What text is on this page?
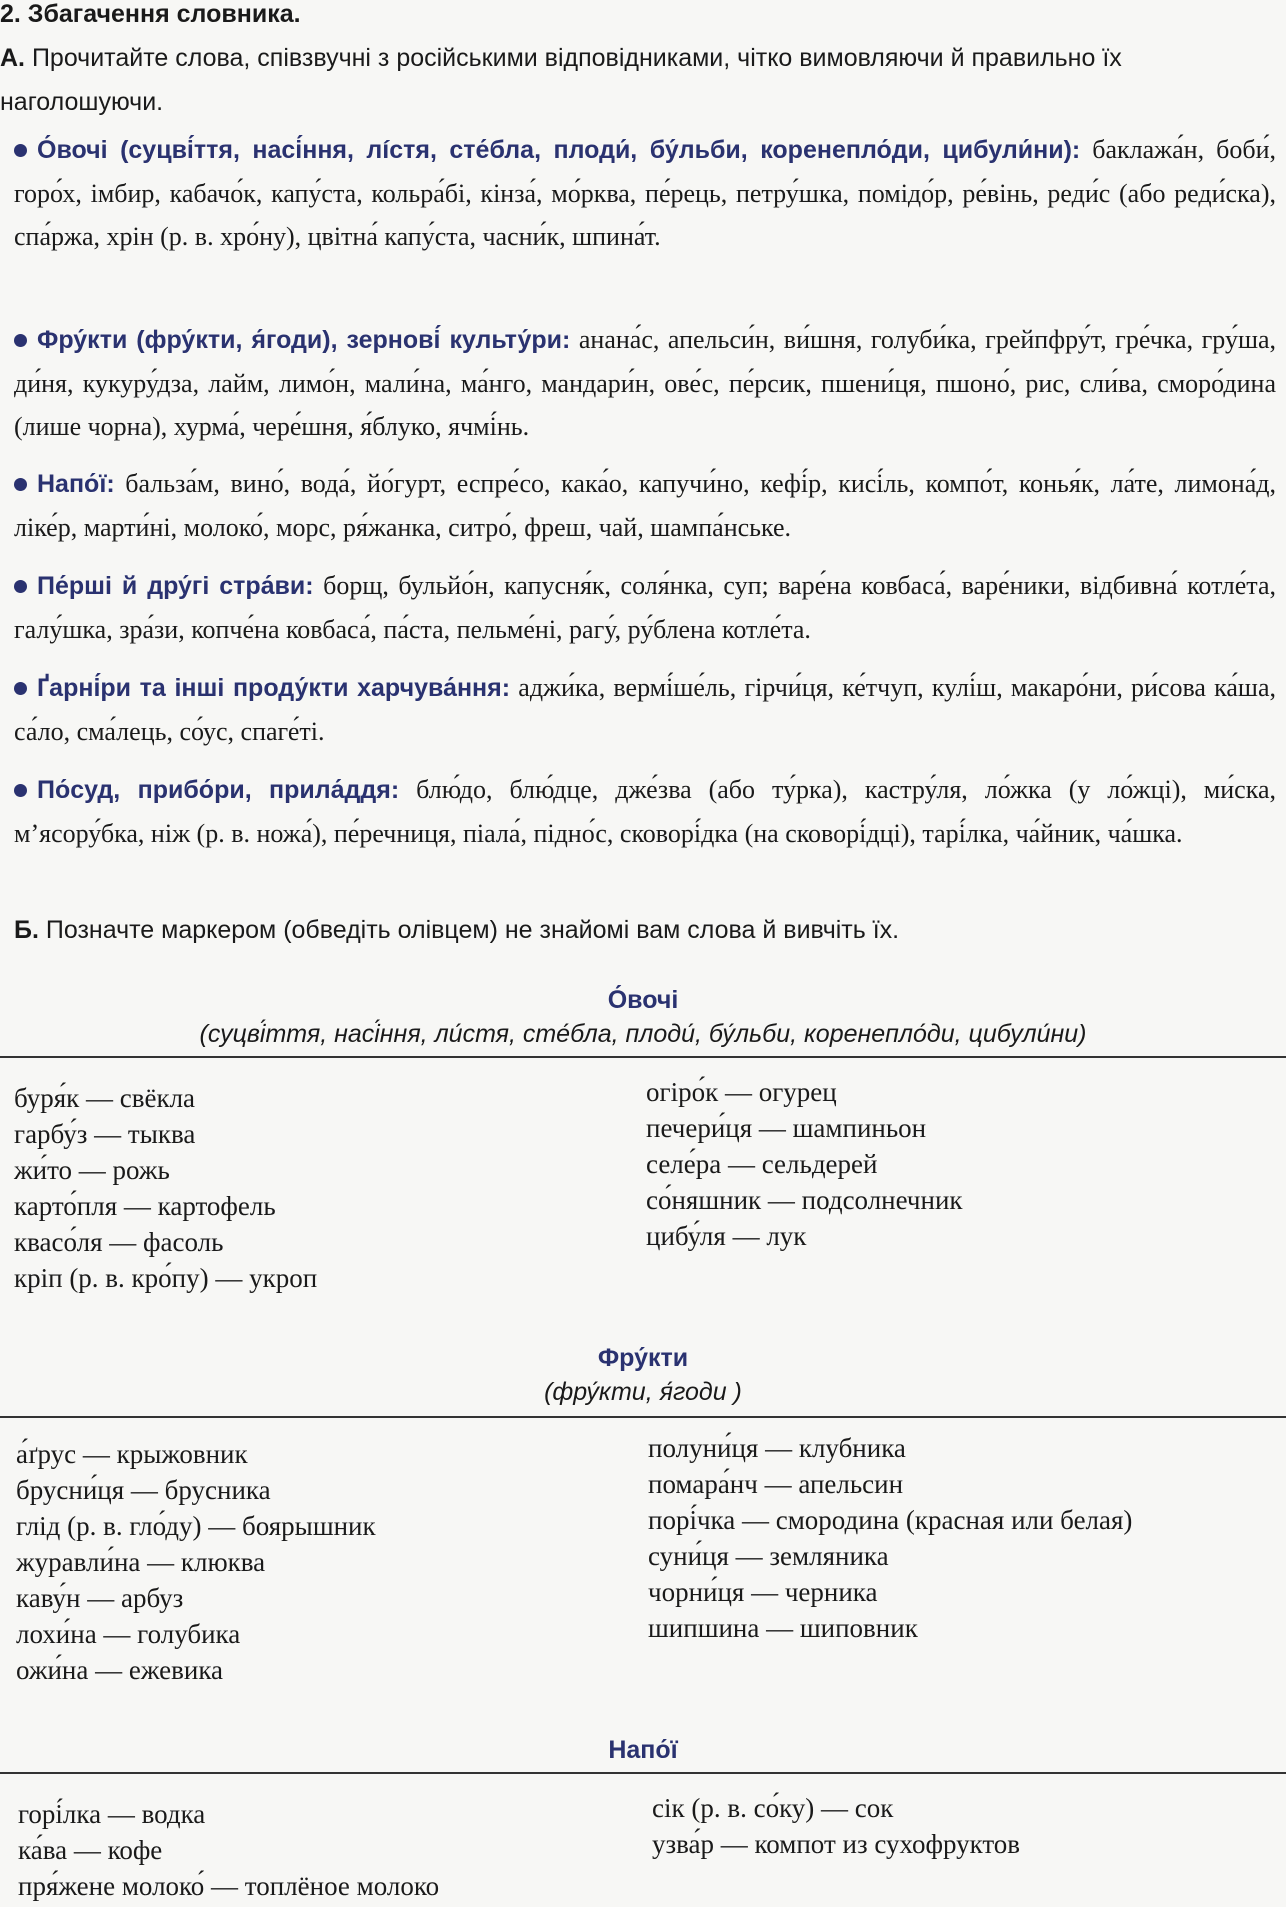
2. Збагачення словника.
А. Прочитайте слова, співзвучні з російськими відповідниками, чітко вимовляючи й правильно їх наголошуючи.
О́вочі (суцві́ття, насі́ння, лíстя, сте́бла, плоди́, бу́льби, коренепло́ди, цибули́ни): баклажа́н, боби́, горо́х, імбир, кабачо́к, капу́ста, кольра́бі, кінза́, мо́рква, пе́рець, петру́шка, помідо́р, ре́вінь, реди́с (або реди́ска), спа́ржа, хрін (р. в. хро́ну), цвітна́ капу́ста, часни́к, шпина́т.
Фру́кти (фру́кти, я́годи), зернові́ культу́ри: анана́с, апельси́н, ви́шня, голуби́ка, грейпфру́т, гре́чка, гру́ша, ди́ня, кукуру́дза, лайм, лимо́н, мали́на, ма́нго, мандари́н, ове́с, пе́рсик, пшени́ця, пшоно́, рис, сли́ва, сморо́дина (лише чорна), хурма́, чере́шня, я́блуко, ячмі́нь.
Напо́ї: бальза́м, вино́, вода́, йо́гурт, еспре́со, кака́о, капучи́но, кефі́р, кисі́ль, компо́т, конья́к, ла́те, лимона́д, ліке́р, марти́ні, молоко́, морс, ря́жанка, ситро́, фреш, чай, шампа́нське.
Пе́рші й дру́гі стра́ви: борщ, бульйо́н, капусня́к, соля́нка, суп; варе́на ковбаса́, варе́ники, відбивна́ котле́та, галу́шка, зра́зи, копче́на ковбаса́, па́ста, пельме́ні, рагу́, ру́блена котле́та.
Ґарні́ри та інші проду́кти харчува́ння: аджи́ка, вермі́ше́ль, гірчи́ця, ке́тчуп, кулі́ш, макаро́ни, ри́сова ка́ша, са́ло, сма́лець, со́ус, спаге́ті.
По́суд, прибо́ри, прила́ддя: блю́до, блю́дце, дже́зва (або ту́рка), кастру́ля, ло́жка (у ло́жці), ми́ска, м’ясору́бка, ніж (р. в. ножа́), пе́речниця, піала́, підно́с, сковорі́дка (на сковорі́дці), тарі́лка, ча́йник, ча́шка.
Б. Позначте маркером (обведіть олівцем) не знайомі вам слова й вивчіть їх.
О́вочі
(суцві́ття, насі́ння, ли́стя, сте́бла, плоди́, бу́льби, коренепло́ди, цибули́ни)
буря́к — свёкла
гарбу́з — тыква
жи́то — рожь
карто́пля — картофель
квасо́ля — фасоль
кріп (р. в. кро́пу) — укроп
огіро́к — огурец
печери́ця — шампиньон
селе́ра — сельдерей
со́няшник — подсолнечник
цибу́ля — лук
Фру́кти
(фру́кти, я́годи )
а́ґрус — крыжовник
брусни́ця — брусника
глід (р. в. гло́ду) — боярышник
журавли́на — клюква
каву́н — арбуз
лохи́на — голубика
ожи́на — ежевика
полуни́ця — клубника
помара́нч — апельсин
порі́чка — смородина (красная или белая)
суни́ця — земляника
чорни́ця — черника
шипшина — шиповник
Напо́ї
горі́лка — водка
ка́ва — кофе
пря́жене молоко́ — топлёное молоко
сік (р. в. со́ку) — сок
узва́р — компот из сухофруктов
